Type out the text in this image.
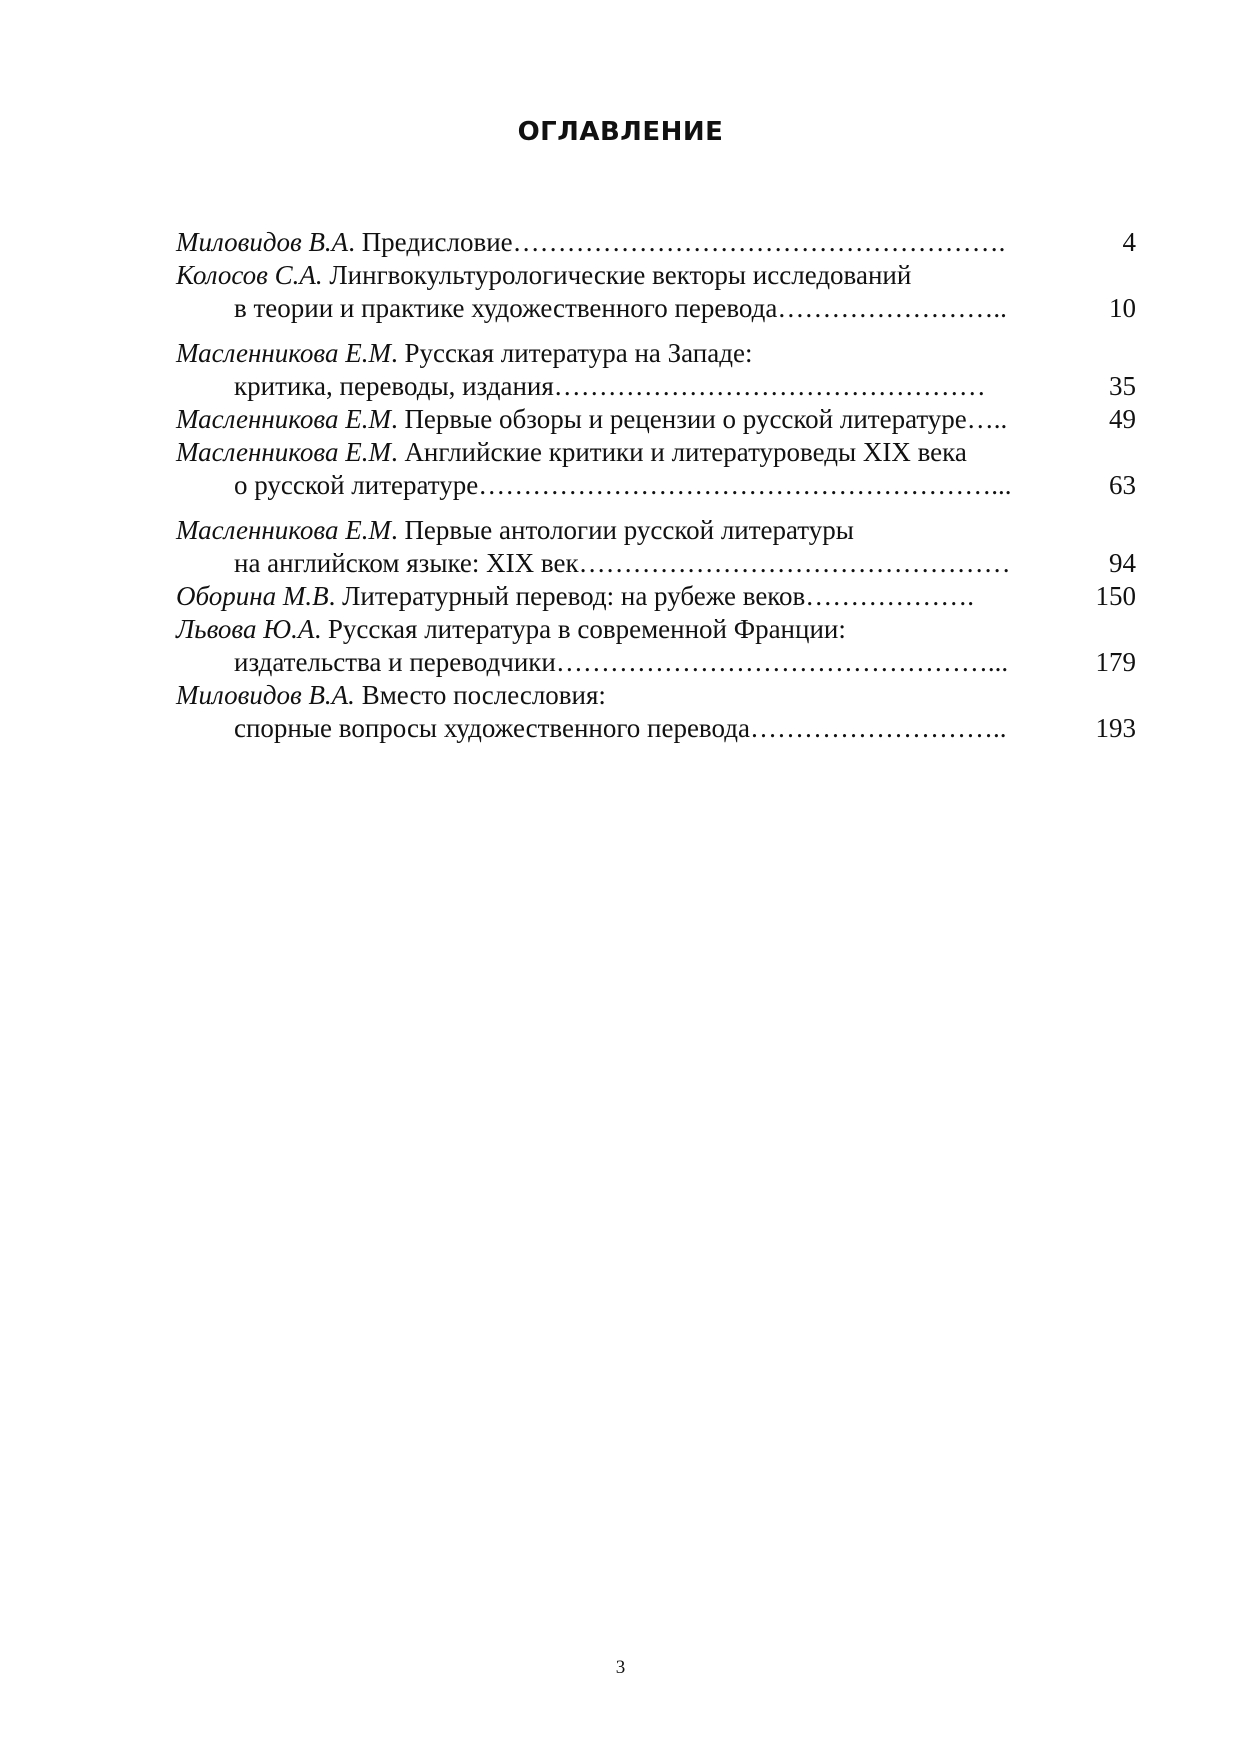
ОГЛАВЛЕНИЕ
Миловидов В.А. Предисловие……………………………………………….	4
Колосов С.А. Лингвокультурологические векторы исследований
в теории и практике художественного перевода……………………..	10
Масленникова Е.М. Русская литература на Западе:
критика, переводы, издания…………………………………………	35
Масленникова Е.М. Первые обзоры и рецензии о русской литературе…..	49
Масленникова Е.М. Английские критики и литературоведы XIX века
о русской литературе…………………………………………………...	63
Масленникова Е.М. Первые антологии русской литературы
на английском языке: XIX век…………………………………………	94
Оборина М.В. Литературный перевод: на рубеже веков……………….	150
Львова Ю.А. Русская литература в современной Франции:
издательства и переводчики…………………………………………...	179
Миловидов В.А. Вместо послесловия:
спорные вопросы художественного перевода………………………..	193
3
